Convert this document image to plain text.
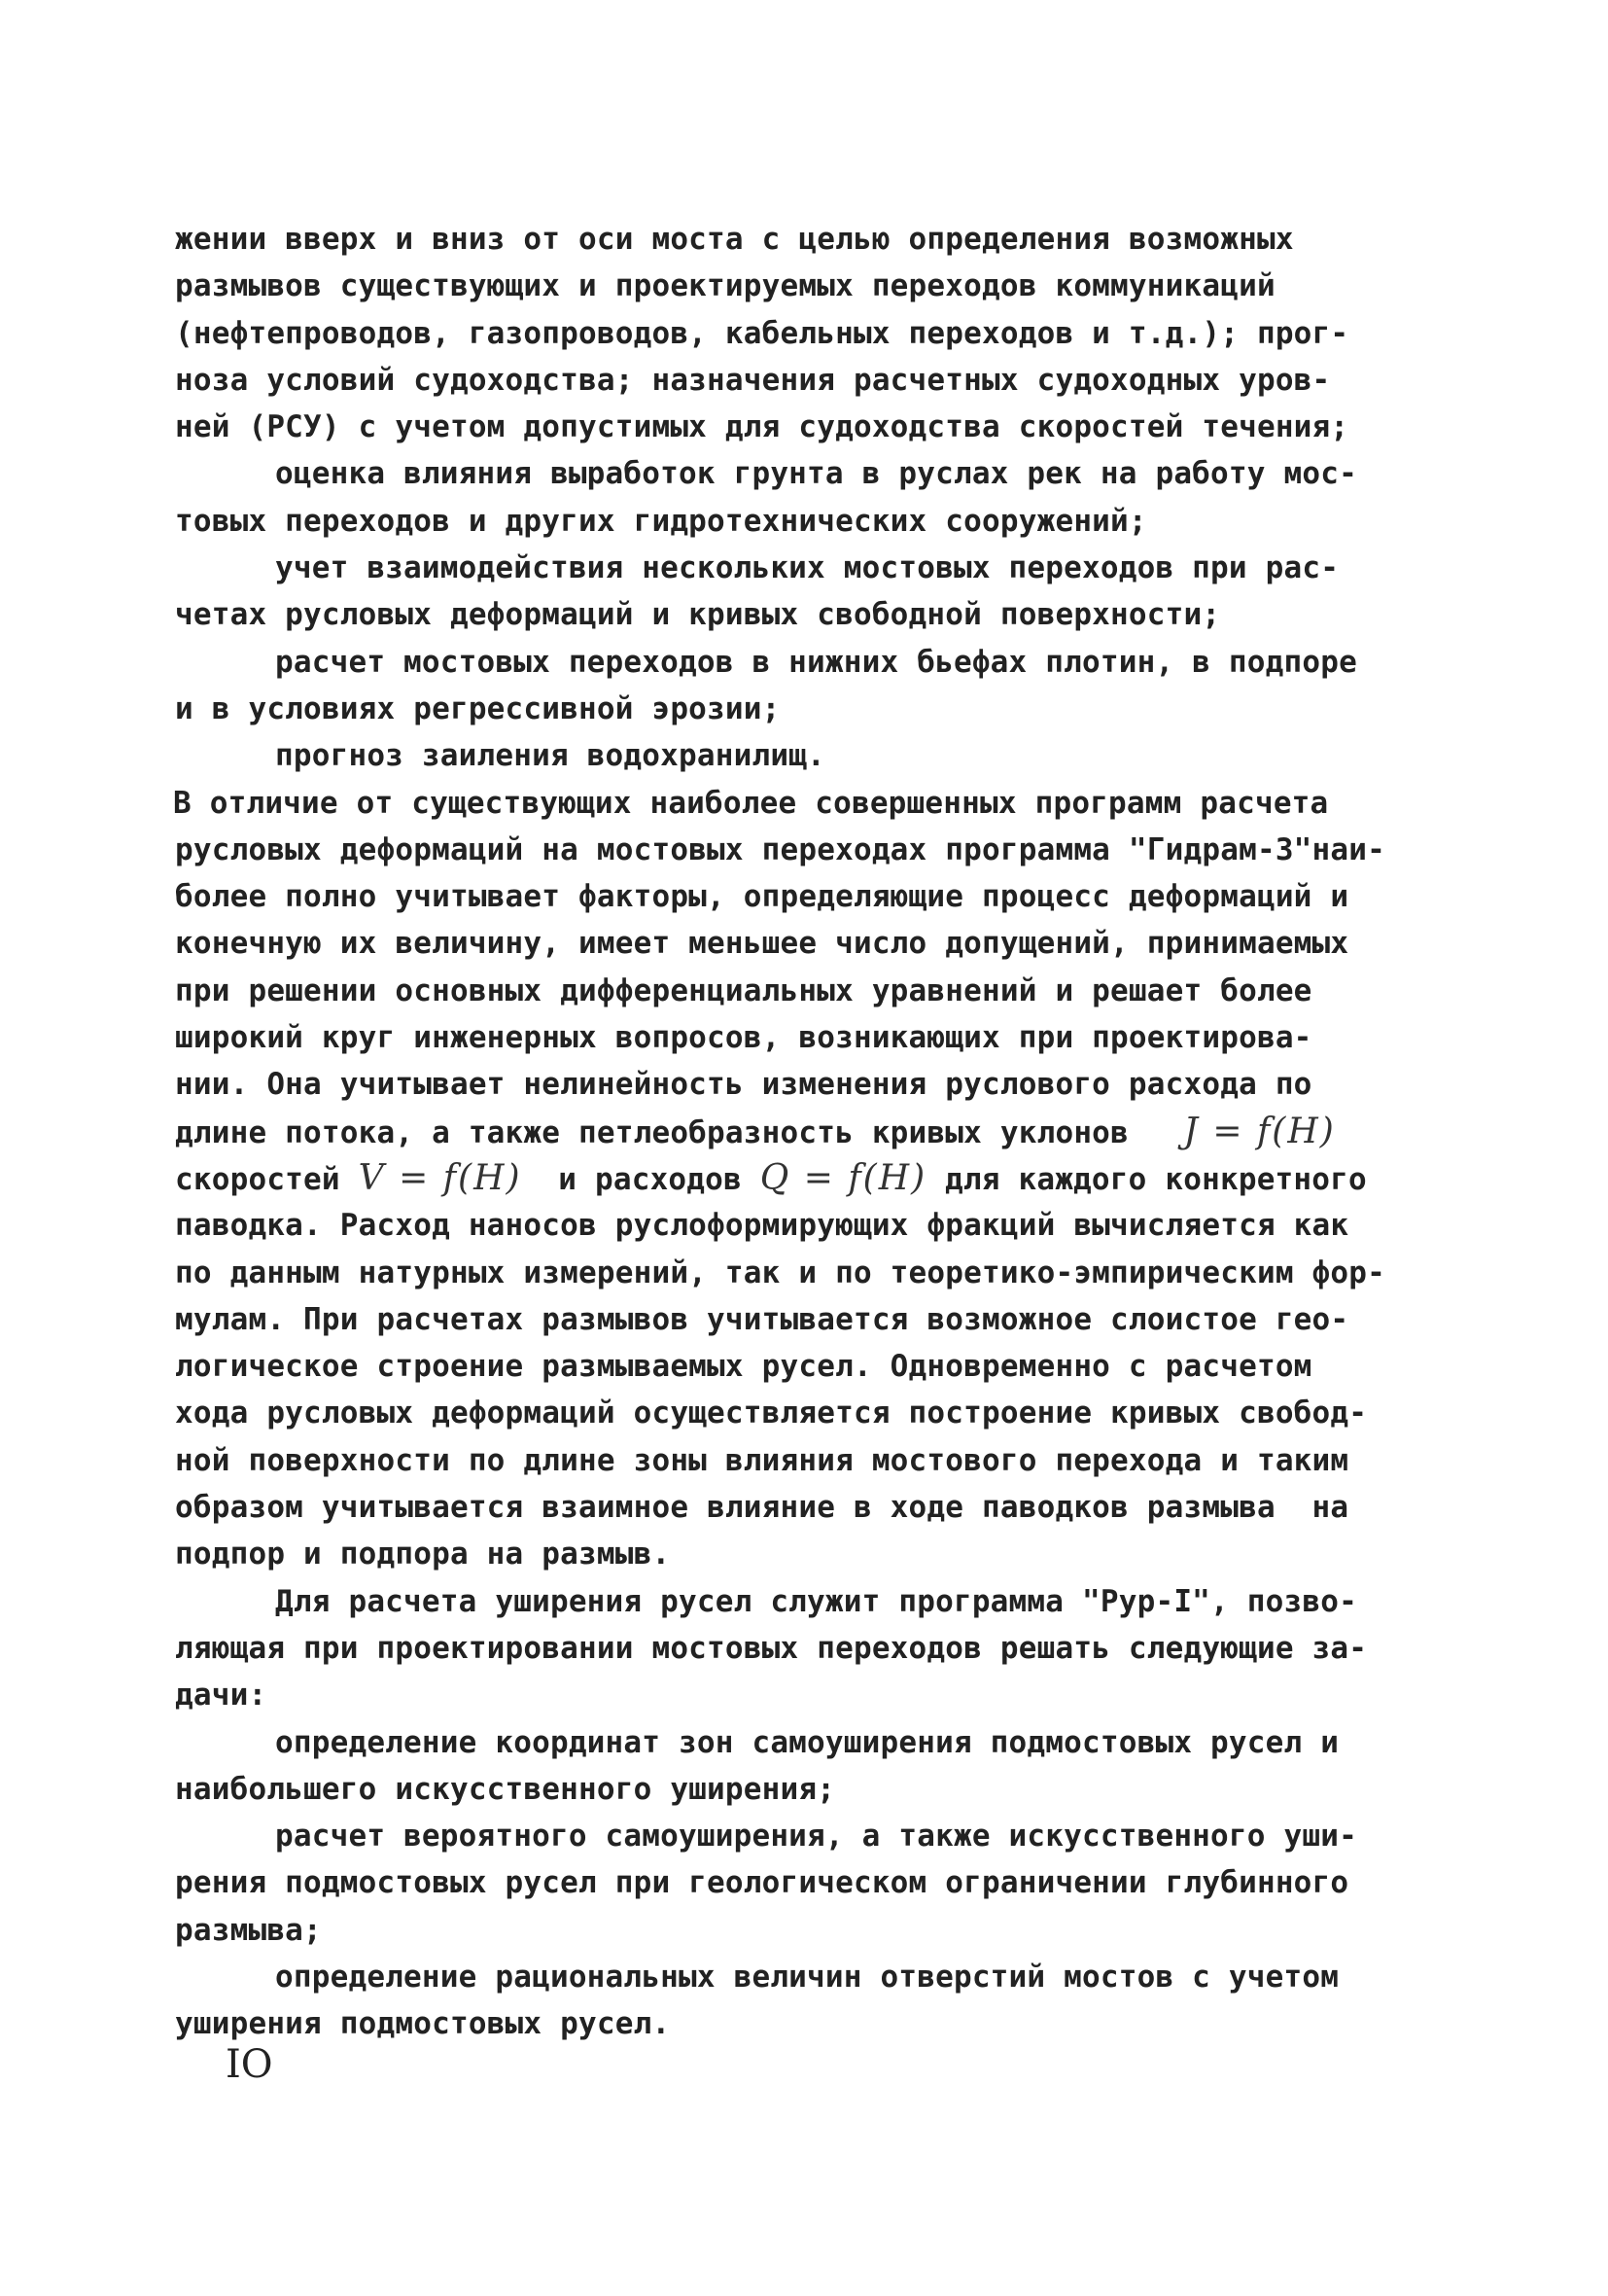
жении вверх и вниз от оси моста с целью определения возможных
размывов существующих и проектируемых переходов коммуникаций
(нефтепроводов, газопроводов, кабельных переходов и т.д.); прог-
ноза условий судоходства; назначения расчетных судоходных уров-
ней (РСУ) с учетом допустимых для судоходства скоростей течения;
оценка влияния выработок грунта в руслах рек на работу мос-
товых переходов и других гидротехнических сооружений;
учет взаимодействия нескольких мостовых переходов при рас-
четах русловых деформаций и кривых свободной поверхности;
расчет мостовых переходов в нижних бьефах плотин, в подпоре
и в условиях регрессивной эрозии;
прогноз заиления водохранилищ.
В отличие от существующих наиболее совершенных программ расчета
русловых деформаций на мостовых переходах программа "Гидрам-3"наи-
более полно учитывает факторы, определяющие процесс деформаций и
конечную их величину, имеет меньшее число допущений, принимаемых
при решении основных дифференциальных уравнений и решает более
широкий круг инженерных вопросов, возникающих при проектирова-
нии. Она учитывает нелинейность изменения руслового расхода по
длине потока, а также петлеобразность кривых уклонов J = f(H)
скоростей V = f(H) и расходов Q = f(H) для каждого конкретного
паводка. Расход наносов руслоформирующих фракций вычисляется как
по данным натурных измерений, так и по теоретико-эмпирическим фор-
мулам. При расчетах размывов учитывается возможное слоистое гео-
логическое строение размываемых русел. Одновременно с расчетом
хода русловых деформаций осуществляется построение кривых свобод-
ной поверхности по длине зоны влияния мостового перехода и таким
образом учитывается взаимное влияние в ходе паводков размыва  на
подпор и подпора на размыв.
Для расчета уширения русел служит программа "Рур-I", позво-
ляющая при проектировании мостовых переходов решать следующие за-
дачи:
определение координат зон самоуширения подмостовых русел и
наибольшего искусственного уширения;
расчет вероятного самоуширения, а также искусственного уши-
рения подмостовых русел при геологическом ограничении глубинного
размыва;
определение рациональных величин отверстий мостов с учетом
уширения подмостовых русел.
IO
